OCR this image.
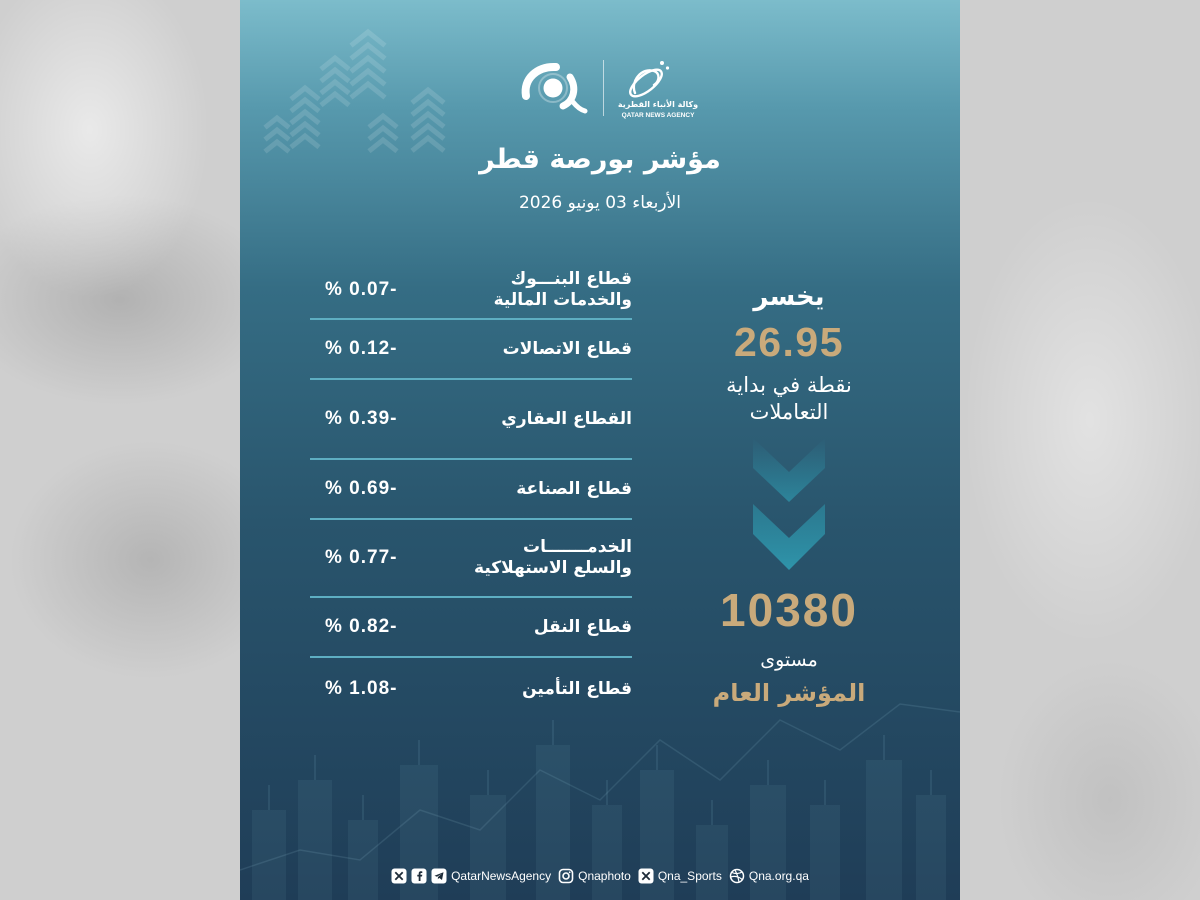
وكالة الأنباء القطرية
QATAR NEWS AGENCY
مؤشر بورصة قطر
الأربعاء 03 يونيو 2026
% 0.07-	قطاع البنـــوك
والخدمات المالية
% 0.12-	قطاع الاتصالات
% 0.39-	القطاع العقاري
% 0.69-	قطاع الصناعة
% 0.77-	الخدمـــــــات
والسلع الاستهلاكية
% 0.82-	قطاع النقل
% 1.08-	قطاع التأمين
يخسر
26.95
نقطة في بداية
التعاملات
10380
مستوى
المؤشر العام
QatarNewsAgency Qnaphoto Qna_Sports Qna.org.qa
